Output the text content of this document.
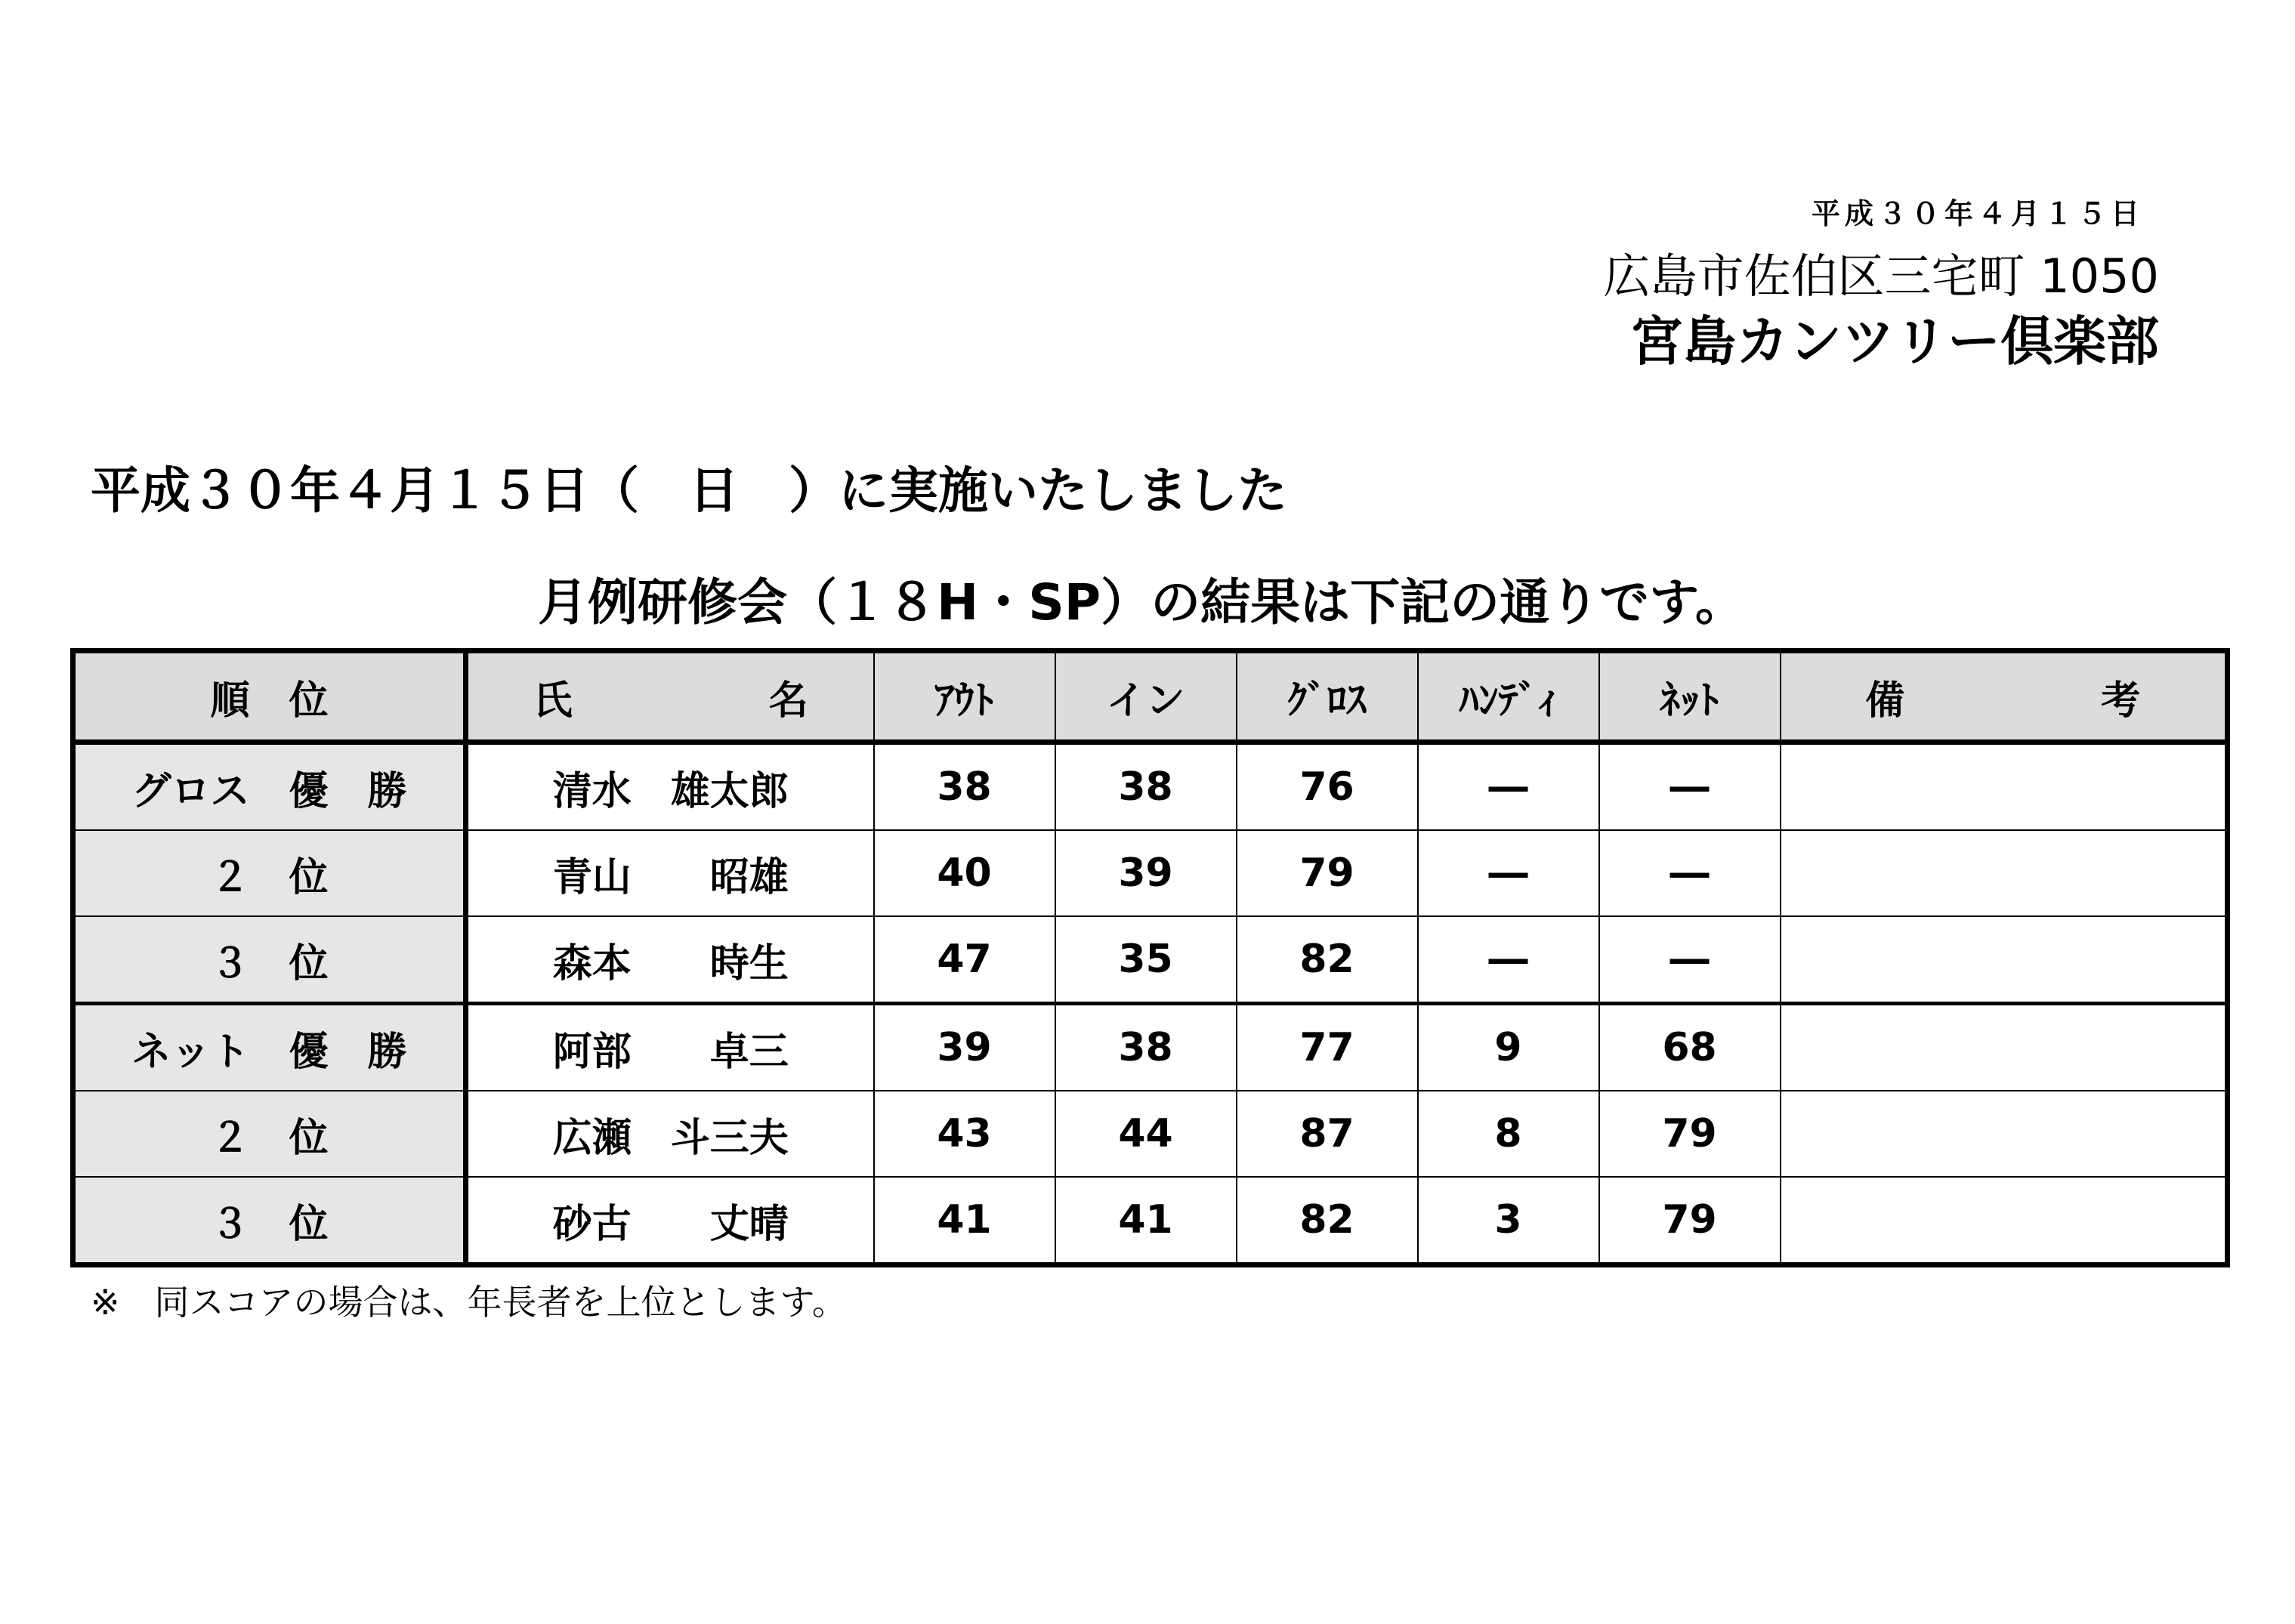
平成３０年４月１５日
広島市佐伯区三宅町 1050
宮島カンツリー倶楽部
平成３０年４月１５日（　日　）に実施いたしました
月例研修会（１８H・SP）の結果は下記の通りです。
順　位	氏　　　　　名	ｱｳﾄ	イン	ｸﾞﾛｽ	ﾊﾝﾃﾞｨ	ﾈｯﾄ	備　　　　　考
グロス　優　勝	清水　雄太郎	38	38	76	―	―	
２　位	青山　　昭雄	40	39	79	―	―	
３　位	森本　　時生	47	35	82	―	―	
ネット　優　勝	阿部　　卓三	39	38	77	9	68	
２　位	広瀬　斗三夫	43	44	87	8	79	
３　位	砂古　　丈晴	41	41	82	3	79	
※　同スコアの場合は、年長者を上位とします。
